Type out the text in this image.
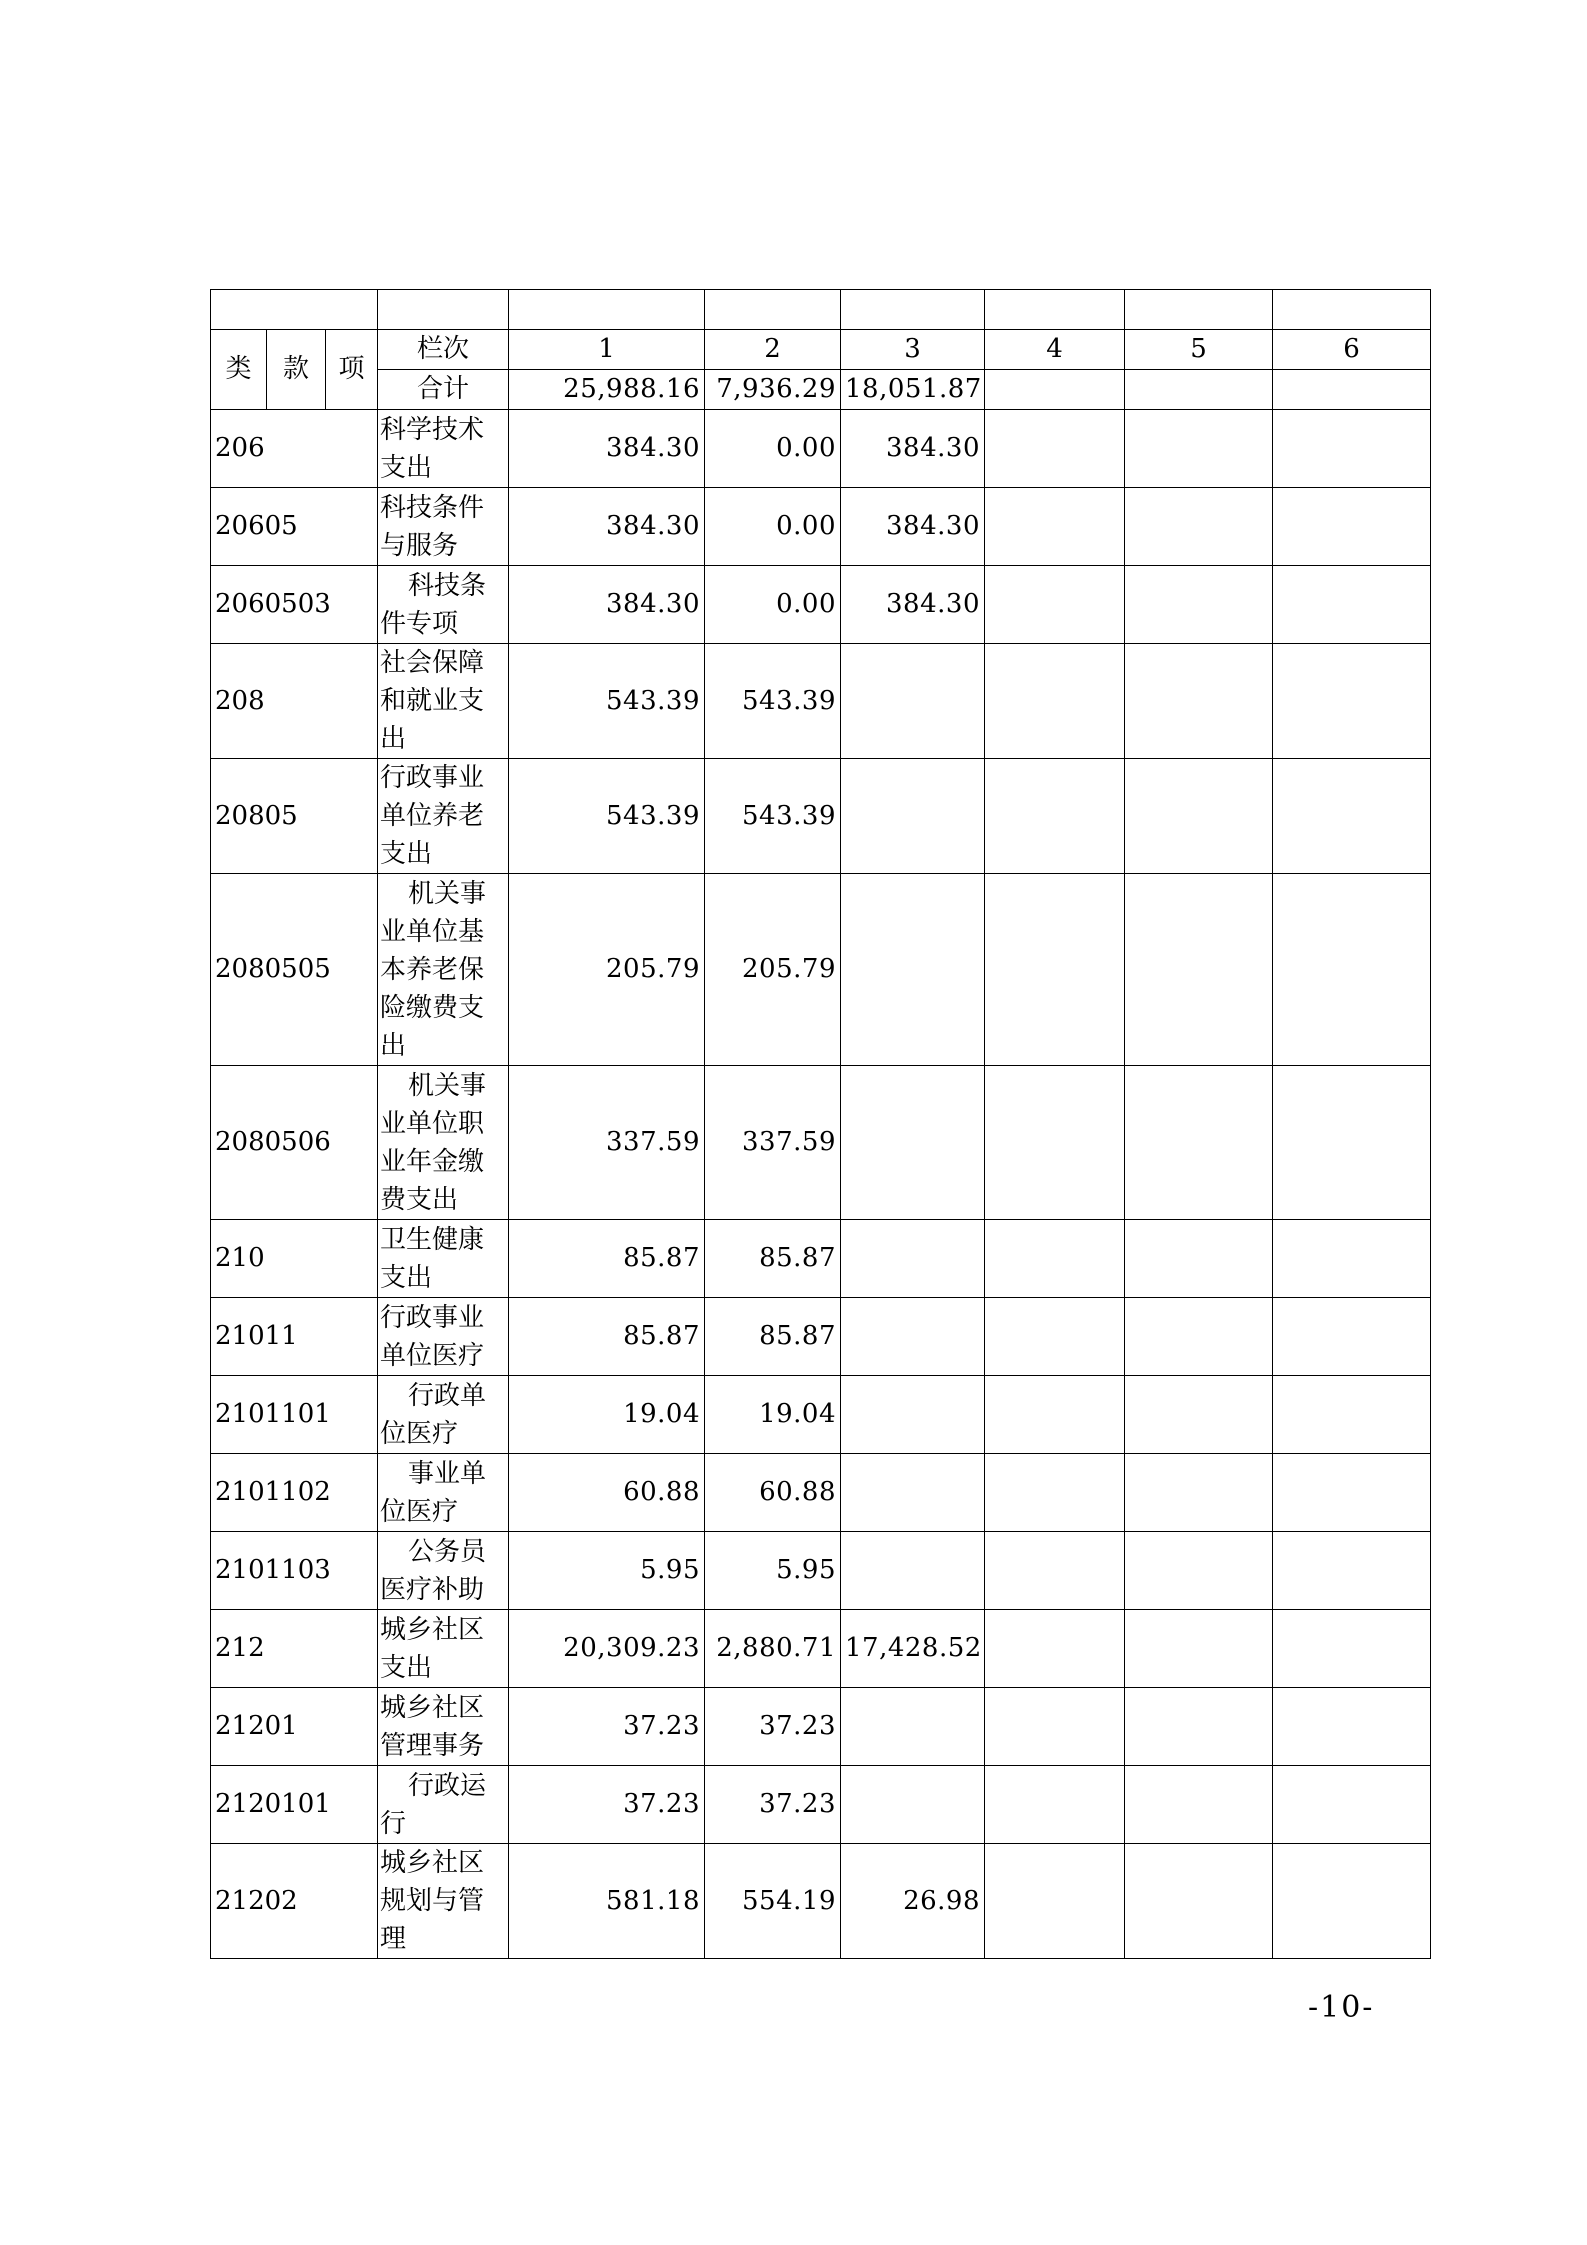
类	款	项	栏次	1	2	3	4	5	6
			合计	25,988.16	7,936.29	18,051.87			
206			科学技术支出	384.30	0.00	384.30			
20605			科技条件与服务	384.30	0.00	384.30			
2060503			科技条件专项	384.30	0.00	384.30			
208			社会保障和就业支出	543.39	543.39				
20805			行政事业单位养老支出	543.39	543.39				
2080505			机关事业单位基本养老保险缴费支出	205.79	205.79				
2080506			机关事业单位职业年金缴费支出	337.59	337.59				
210			卫生健康支出	85.87	85.87				
21011			行政事业单位医疗	85.87	85.87				
2101101			行政单位医疗	19.04	19.04				
2101102			事业单位医疗	60.88	60.88				
2101103			公务员医疗补助	5.95	5.95				
212			城乡社区支出	20,309.23	2,880.71	17,428.52			
21201			城乡社区管理事务	37.23	37.23				
2120101			行政运行	37.23	37.23				
21202			城乡社区规划与管理	581.18	554.19	26.98			
-10-
